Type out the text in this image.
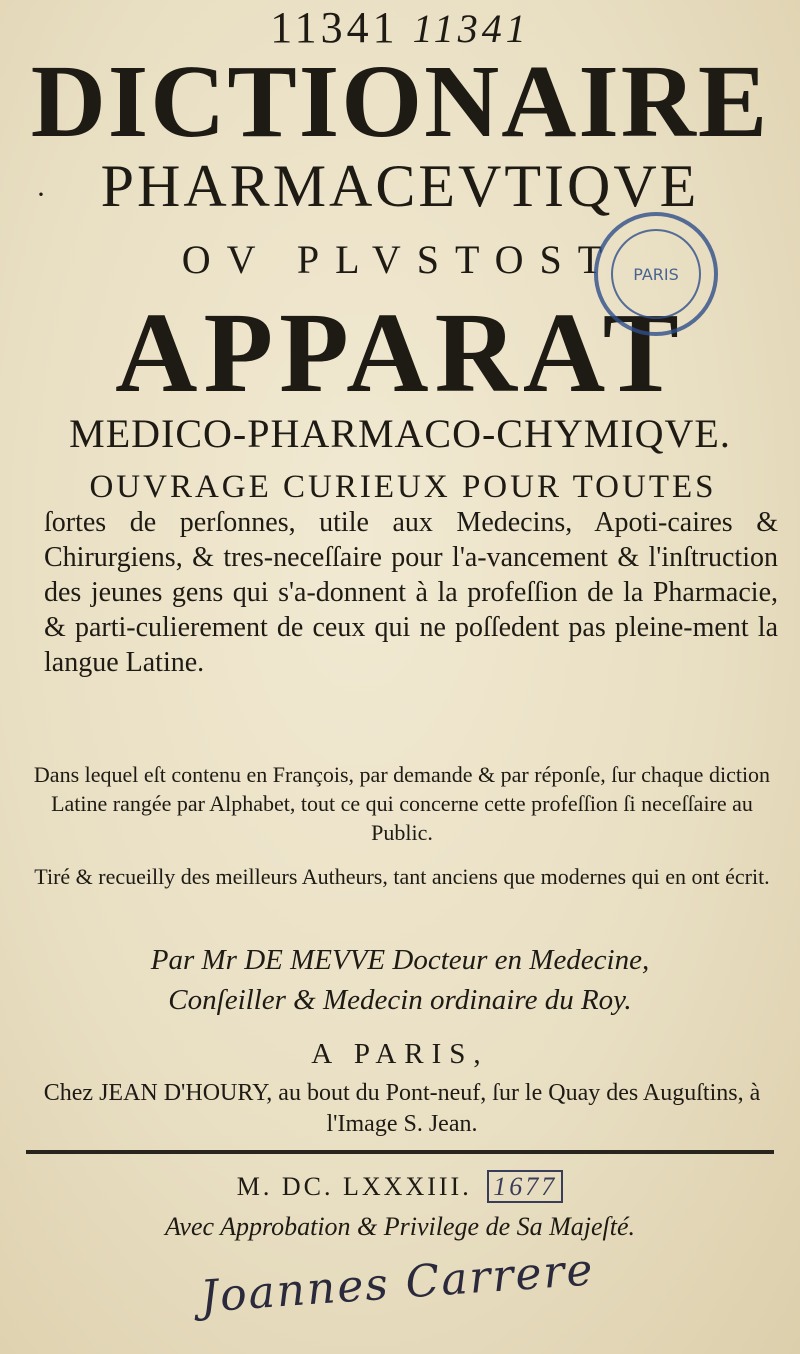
11341 11341
DICTIONAIRE
· PHARMACEVTIQVE
OV PLVSTOST
APPARAT
MEDICO-PHARMACO-CHYMIQVE.
PARIS
OUVRAGE CURIEUX POUR TOUTES

ſortes de perſonnes, utile aux Medecins, Apoti-caires & Chirurgiens, & tres-neceſſaire pour l'a-vancement & l'inſtruction des jeunes gens qui s'a-donnent à la profeſſion de la Pharmacie, & parti-culierement de ceux qui ne poſſedent pas pleine-ment la langue Latine.

Dans lequel eſt contenu en François, par demande & par réponſe, ſur chaque diction Latine rangée par Alphabet, tout ce qui concerne cette profeſſion ſi neceſſaire au Public.
Tiré & recueilly des meilleurs Autheurs, tant anciens que modernes qui en ont écrit.
Par Mr DE MEVVE Docteur en Medecine,
Conſeiller & Medecin ordinaire du Roy.
A PARIS,
Chez JEAN D'HOURY, au bout du Pont-neuf, ſur le Quay des Auguſtins, à l'Image S. Jean.
M. DC. LXXXIII. 1677
Avec Approbation & Privilege de Sa Majeſté.
Joannes Carrere
